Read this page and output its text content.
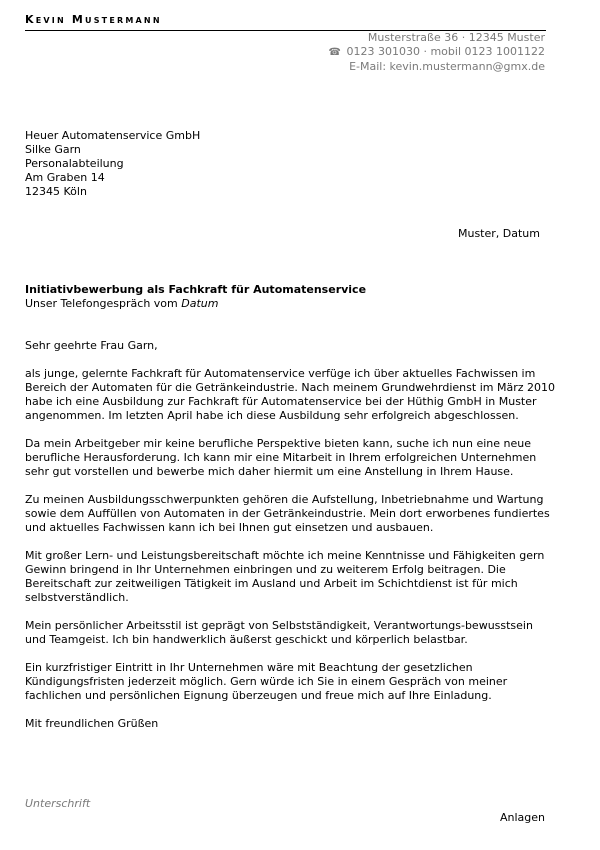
Kevin Mustermann
Musterstraße 36 · 12345 Muster
☎ 0123 301030 · mobil 0123 1001122
E-Mail: kevin.mustermann@gmx.de
Heuer Automatenservice GmbH
Silke Garn
Personalabteilung
Am Graben 14
12345 Köln
Muster, Datum
Initiativbewerbung als Fachkraft für Automatenservice
Unser Telefongespräch vom Datum

Sehr geehrte Frau Garn,

als junge, gelernte Fachkraft für Automatenservice verfüge ich über aktuelles Fachwissen im Bereich der Automaten für die Getränkeindustrie. Nach meinem Grundwehrdienst im März 2010 habe ich eine Ausbildung zur Fachkraft für Automatenservice bei der Hüthig GmbH in Muster angenommen. Im letzten April habe ich diese Ausbildung sehr erfolgreich abgeschlossen.

Da mein Arbeitgeber mir keine berufliche Perspektive bieten kann, suche ich nun eine neue berufliche Herausforderung. Ich kann mir eine Mitarbeit in Ihrem erfolgreichen Unternehmen sehr gut vorstellen und bewerbe mich daher hiermit um eine Anstellung in Ihrem Hause.

Zu meinen Ausbildungsschwerpunkten gehören die Aufstellung, Inbetriebnahme und Wartung sowie dem Auffüllen von Automaten in der Getränkeindustrie. Mein dort erworbenes fundiertes und aktuelles Fachwissen kann ich bei Ihnen gut einsetzen und ausbauen.

Mit großer Lern- und Leistungsbereitschaft möchte ich meine Kenntnisse und Fähigkeiten gern Gewinn bringend in Ihr Unternehmen einbringen und zu weiterem Erfolg beitragen. Die Bereitschaft zur zeitweiligen Tätigkeit im Ausland und Arbeit im Schichtdienst ist für mich selbstverständlich.

Mein persönlicher Arbeitsstil ist geprägt von Selbstständigkeit, Verantwortungs-bewusstsein und Teamgeist. Ich bin handwerklich äußerst geschickt und körperlich belastbar.

Ein kurzfristiger Eintritt in Ihr Unternehmen wäre mit Beachtung der gesetzlichen Kündigungsfristen jederzeit möglich. Gern würde ich Sie in einem Gespräch von meiner fachlichen und persönlichen Eignung überzeugen und freue mich auf Ihre Einladung.

Mit freundlichen Grüßen

Unterschrift
Anlagen
